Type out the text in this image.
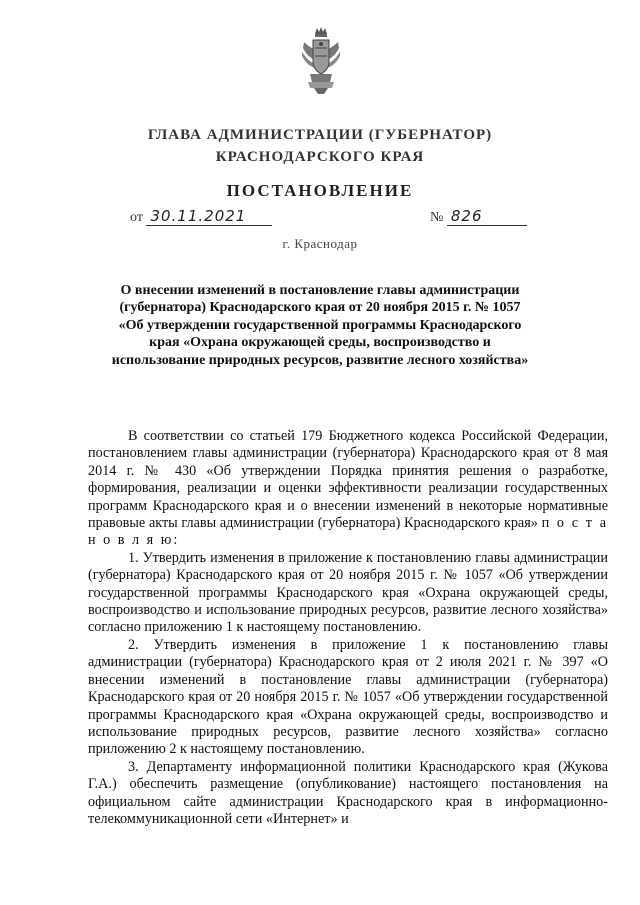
ГЛАВА АДМИНИСТРАЦИИ (ГУБЕРНАТОР)
КРАСНОДАРСКОГО КРАЯ
ПОСТАНОВЛЕНИЕ
от 30.11.2021	№ 826
г. Краснодар
О внесении изменений в постановление главы администрации (губернатора) Краснодарского края от 20 ноября 2015 г. № 1057 «Об утверждении государственной программы Краснодарского края «Охрана окружающей среды, воспроизводство и использование природных ресурсов, развитие лесного хозяйства»

В соответствии со статьей 179 Бюджетного кодекса Российской Федерации, постановлением главы администрации (губернатора) Краснодарского края от 8 мая 2014 г. № 430 «Об утверждении Порядка принятия решения о разработке, формирования, реализации и оценки эффективности реализации государственных программ Краснодарского края и о внесении изменений в некоторые нормативные правовые акты главы администрации (губернатора) Краснодарского края» п о с т а н о в л я ю:

1. Утвердить изменения в приложение к постановлению главы администрации (губернатора) Краснодарского края от 20 ноября 2015 г. № 1057 «Об утверждении государственной программы Краснодарского края «Охрана окружающей среды, воспроизводство и использование природных ресурсов, развитие лесного хозяйства» согласно приложению 1 к настоящему постановлению.

2. Утвердить изменения в приложение 1 к постановлению главы администрации (губернатора) Краснодарского края от 2 июля 2021 г. № 397 «О внесении изменений в постановление главы администрации (губернатора) Краснодарского края от 20 ноября 2015 г. № 1057 «Об утверждении государственной программы Краснодарского края «Охрана окружающей среды, воспроизводство и использование природных ресурсов, развитие лесного хозяйства» согласно приложению 2 к настоящему постановлению.

3. Департаменту информационной политики Краснодарского края (Жукова Г.А.) обеспечить размещение (опубликование) настоящего постановления на официальном сайте администрации Краснодарского края в информационно-телекоммуникационной сети «Интернет» и
